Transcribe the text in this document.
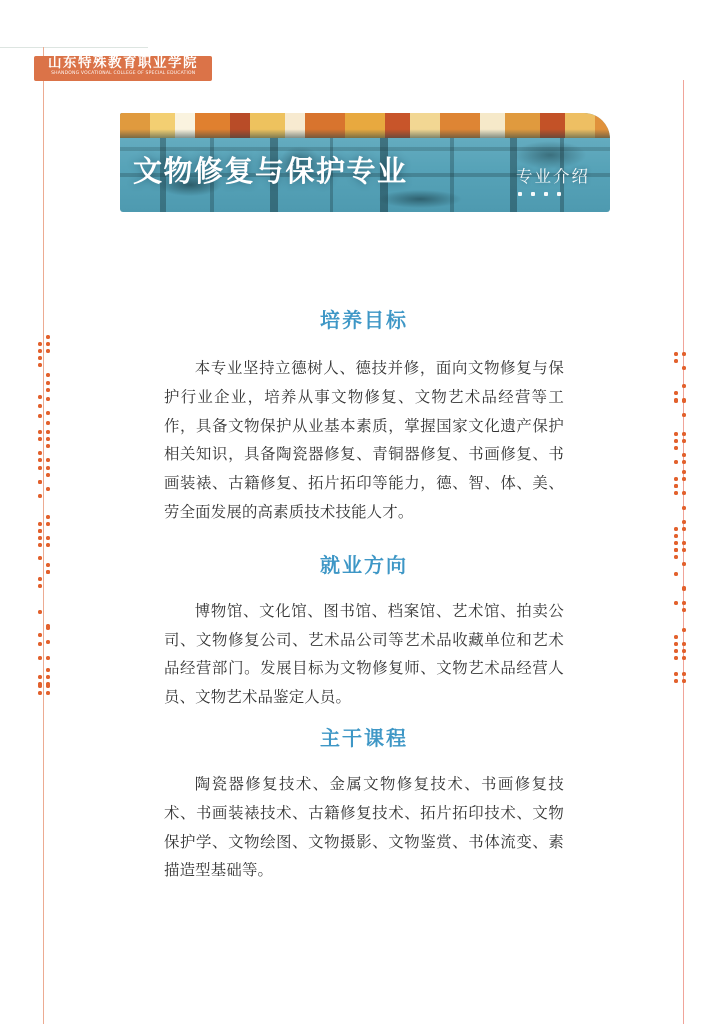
山东特殊教育职业学院
SHANDONG VOCATIONAL COLLEGE OF SPECIAL EDUCATION
文物修复与保护专业	专业介绍
培养目标

本专业坚持立德树人、德技并修，面向文物修复与保护行业企业，培养从事文物修复、文物艺术品经营等工作，具备文物保护从业基本素质，掌握国家文化遗产保护相关知识，具备陶瓷器修复、青铜器修复、书画修复、书画装裱、古籍修复、拓片拓印等能力，德、智、体、美、劳全面发展的高素质技术技能人才。

就业方向

博物馆、文化馆、图书馆、档案馆、艺术馆、拍卖公司、文物修复公司、艺术品公司等艺术品收藏单位和艺术品经营部门。发展目标为文物修复师、文物艺术品经营人员、文物艺术品鉴定人员。

主干课程

陶瓷器修复技术、金属文物修复技术、书画修复技术、书画装裱技术、古籍修复技术、拓片拓印技术、文物保护学、文物绘图、文物摄影、文物鉴赏、书体流变、素描造型基础等。
